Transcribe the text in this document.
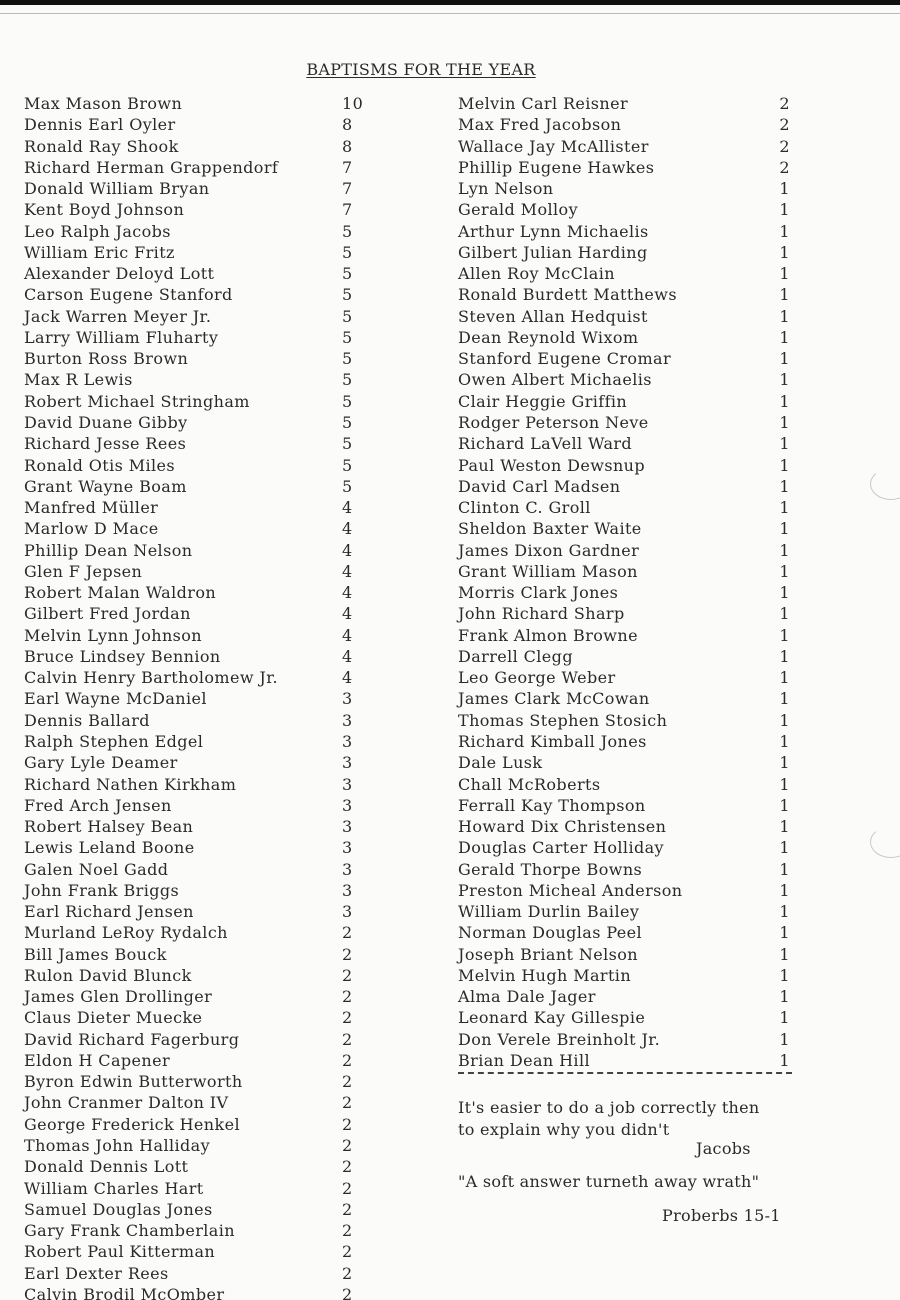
BAPTISMS FOR THE YEAR
Max Mason Brown	10
Dennis Earl Oyler	8
Ronald Ray Shook	8
Richard Herman Grappendorf	7
Donald William Bryan	7
Kent Boyd Johnson	7
Leo Ralph Jacobs	5
William Eric Fritz	5
Alexander Deloyd Lott	5
Carson Eugene Stanford	5
Jack Warren Meyer Jr.	5
Larry William Fluharty	5
Burton Ross Brown	5
Max R Lewis	5
Robert Michael Stringham	5
David Duane Gibby	5
Richard Jesse Rees	5
Ronald Otis Miles	5
Grant Wayne Boam	5
Manfred Müller	4
Marlow D Mace	4
Phillip Dean Nelson	4
Glen F Jepsen	4
Robert Malan Waldron	4
Gilbert Fred Jordan	4
Melvin Lynn Johnson	4
Bruce Lindsey Bennion	4
Calvin Henry Bartholomew Jr.	4
Earl Wayne McDaniel	3
Dennis Ballard	3
Ralph Stephen Edgel	3
Gary Lyle Deamer	3
Richard Nathen Kirkham	3
Fred Arch Jensen	3
Robert Halsey Bean	3
Lewis Leland Boone	3
Galen Noel Gadd	3
John Frank Briggs	3
Earl Richard Jensen	3
Murland LeRoy Rydalch	2
Bill James Bouck	2
Rulon David Blunck	2
James Glen Drollinger	2
Claus Dieter Muecke	2
David Richard Fagerburg	2
Eldon H Capener	2
Byron Edwin Butterworth	2
John Cranmer Dalton IV	2
George Frederick Henkel	2
Thomas John Halliday	2
Donald Dennis Lott	2
William Charles Hart	2
Samuel Douglas Jones	2
Gary Frank Chamberlain	2
Robert Paul Kitterman	2
Earl Dexter Rees	2
Calvin Brodil McOmber	2
Melvin Carl Reisner	2
Max Fred Jacobson	2
Wallace Jay McAllister	2
Phillip Eugene Hawkes	2
Lyn Nelson	1
Gerald Molloy	1
Arthur Lynn Michaelis	1
Gilbert Julian Harding	1
Allen Roy McClain	1
Ronald Burdett Matthews	1
Steven Allan Hedquist	1
Dean Reynold Wixom	1
Stanford Eugene Cromar	1
Owen Albert Michaelis	1
Clair Heggie Griffin	1
Rodger Peterson Neve	1
Richard LaVell Ward	1
Paul Weston Dewsnup	1
David Carl Madsen	1
Clinton C. Groll	1
Sheldon Baxter Waite	1
James Dixon Gardner	1
Grant William Mason	1
Morris Clark Jones	1
John Richard Sharp	1
Frank Almon Browne	1
Darrell Clegg	1
Leo George Weber	1
James Clark McCowan	1
Thomas Stephen Stosich	1
Richard Kimball Jones	1
Dale Lusk	1
Chall McRoberts	1
Ferrall Kay Thompson	1
Howard Dix Christensen	1
Douglas Carter Holliday	1
Gerald Thorpe Bowns	1
Preston Micheal Anderson	1
William Durlin Bailey	1
Norman Douglas Peel	1
Joseph Briant Nelson	1
Melvin Hugh Martin	1
Alma Dale Jager	1
Leonard Kay Gillespie	1
Don Verele Breinholt Jr.	1
Brian Dean Hill	1
It's easier to do a job correctly then
to explain why you didn't
Jacobs
"A soft answer turneth away wrath"
Proberbs 15-1
